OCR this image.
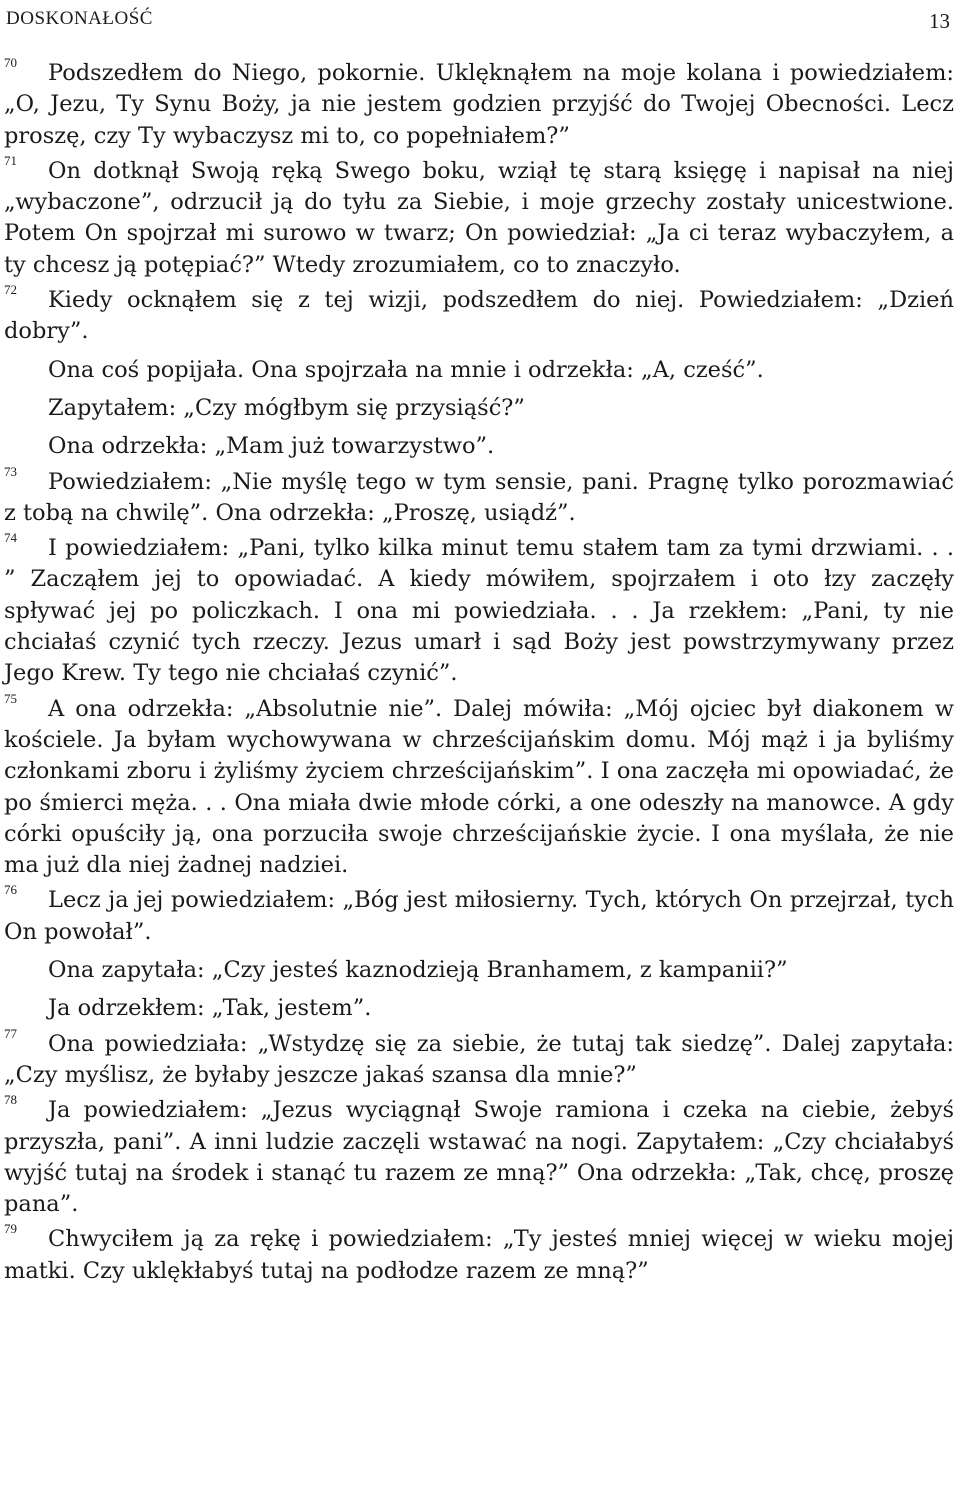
DOSKONAŁOŚĆ	13

70 Podszedłem do Niego, pokornie. Uklęknąłem na moje kolana i powiedziałem: „O, Jezu, Ty Synu Boży, ja nie jestem godzien przyjść do Twojej Obecności. Lecz proszę, czy Ty wybaczysz mi to, co popełniałem?”

71 On dotknął Swoją ręką Swego boku, wziął tę starą księgę i napisał na niej „wybaczone”, odrzucił ją do tyłu za Siebie, i moje grzechy zostały unicestwione. Potem On spojrzał mi surowo w twarz; On powiedział: „Ja ci teraz wybaczyłem, a ty chcesz ją potępiać?” Wtedy zrozumiałem, co to znaczyło.

72 Kiedy ocknąłem się z tej wizji, podszedłem do niej. Powiedziałem: „Dzień dobry”.

Ona coś popijała. Ona spojrzała na mnie i odrzekła: „A, cześć”.

Zapytałem: „Czy mógłbym się przysiąść?”

Ona odrzekła: „Mam już towarzystwo”.

73 Powiedziałem: „Nie myślę tego w tym sensie, pani. Pragnę tylko porozmawiać z tobą na chwilę”. Ona odrzekła: „Proszę, usiądź”.

74 I powiedziałem: „Pani, tylko kilka minut temu stałem tam za tymi drzwiami. . . ” Zacząłem jej to opowiadać. A kiedy mówiłem, spojrzałem i oto łzy zaczęły spływać jej po policzkach. I ona mi powiedziała. . . Ja rzekłem: „Pani, ty nie chciałaś czynić tych rzeczy. Jezus umarł i sąd Boży jest powstrzymywany przez Jego Krew. Ty tego nie chciałaś czynić”.

75 A ona odrzekła: „Absolutnie nie”. Dalej mówiła: „Mój ojciec był diakonem w kościele. Ja byłam wychowywana w chrześcijańskim domu. Mój mąż i ja byliśmy członkami zboru i żyliśmy życiem chrześcijańskim”. I ona zaczęła mi opowiadać, że po śmierci męża. . . Ona miała dwie młode córki, a one odeszły na manowce. A gdy córki opuściły ją, ona porzuciła swoje chrześcijańskie życie. I ona myślała, że nie ma już dla niej żadnej nadziei.

76 Lecz ja jej powiedziałem: „Bóg jest miłosierny. Tych, których On przejrzał, tych On powołał”.

Ona zapytała: „Czy jesteś kaznodzieją Branhamem, z kampanii?”

Ja odrzekłem: „Tak, jestem”.

77 Ona powiedziała: „Wstydzę się za siebie, że tutaj tak siedzę”. Dalej zapytała: „Czy myślisz, że byłaby jeszcze jakaś szansa dla mnie?”

78 Ja powiedziałem: „Jezus wyciągnął Swoje ramiona i czeka na ciebie, żebyś przyszła, pani”. A inni ludzie zaczęli wstawać na nogi. Zapytałem: „Czy chciałabyś wyjść tutaj na środek i stanąć tu razem ze mną?” Ona odrzekła: „Tak, chcę, proszę pana”.

79 Chwyciłem ją za rękę i powiedziałem: „Ty jesteś mniej więcej w wieku mojej matki. Czy uklękłabyś tutaj na podłodze razem ze mną?”
